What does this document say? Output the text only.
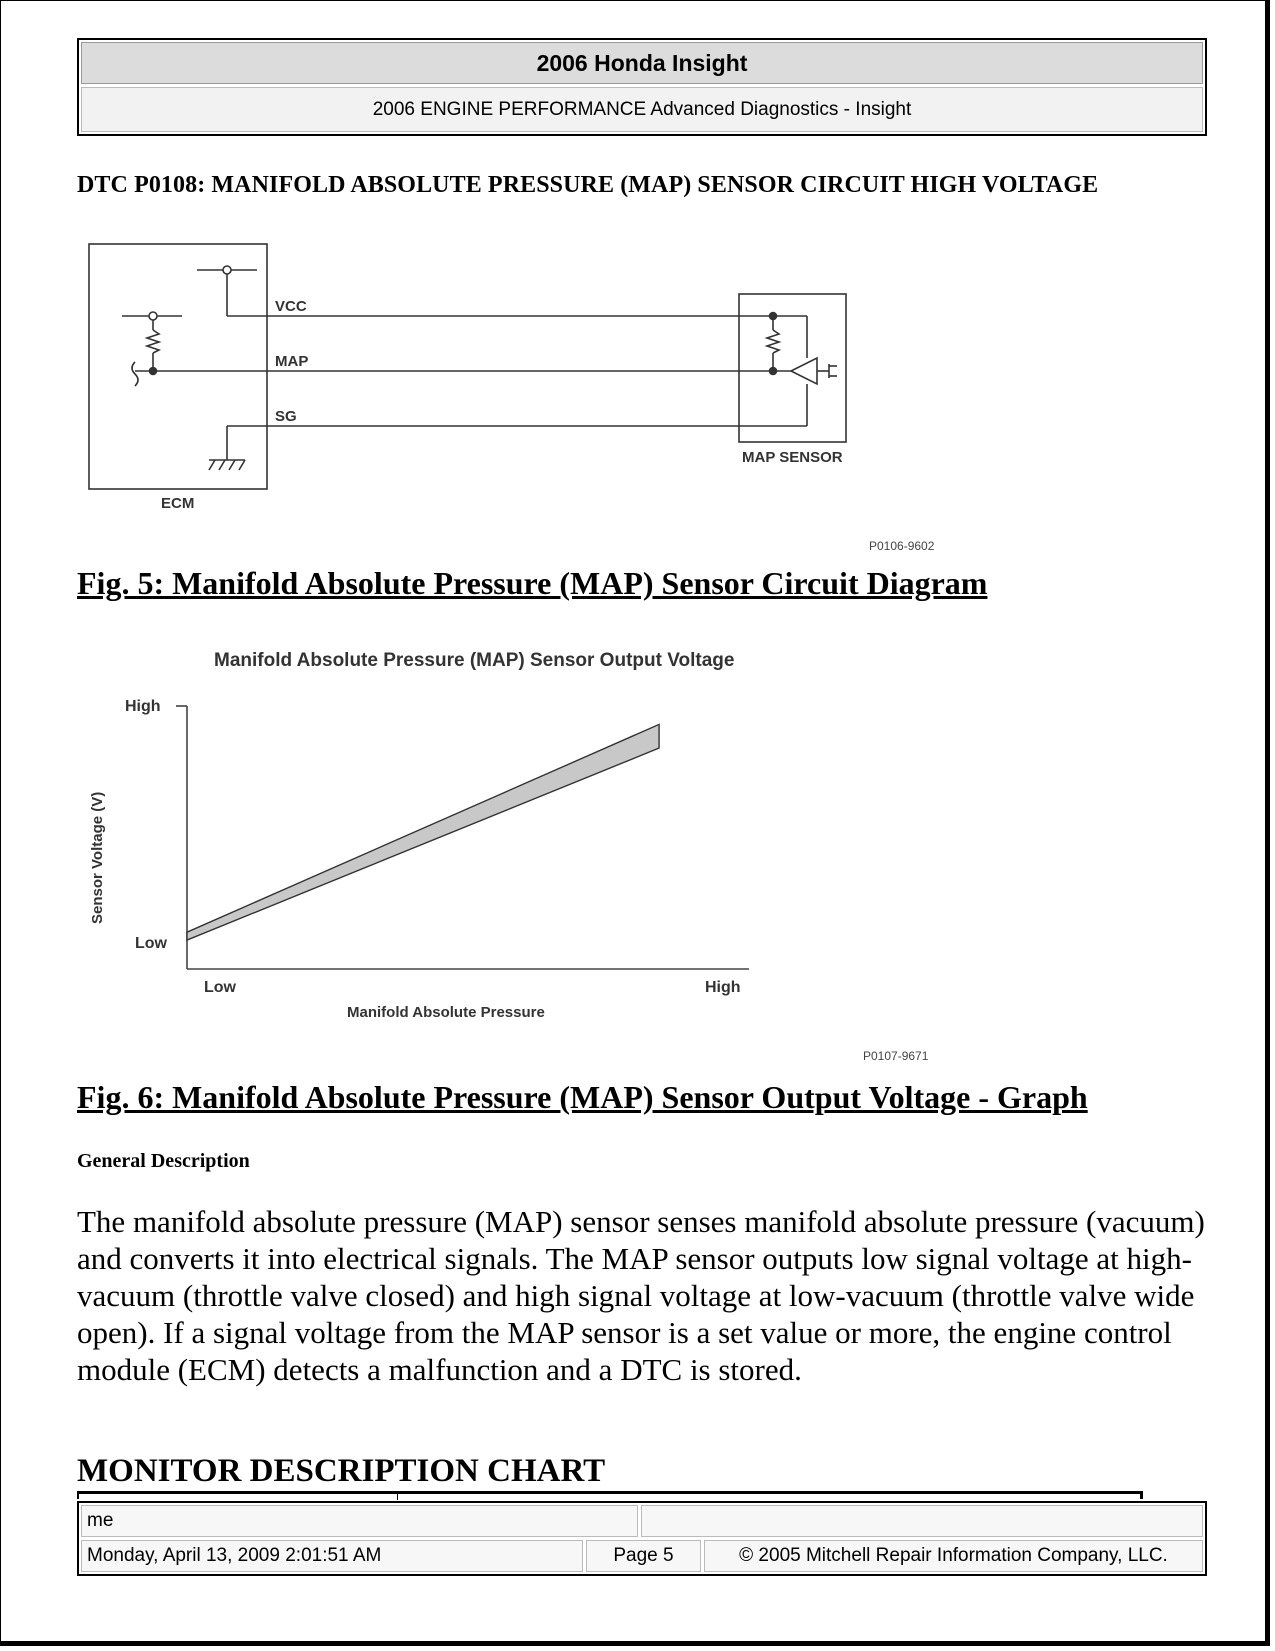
2006 Honda Insight
2006 ENGINE PERFORMANCE Advanced Diagnostics - Insight
DTC P0108: MANIFOLD ABSOLUTE PRESSURE (MAP) SENSOR CIRCUIT HIGH VOLTAGE
VCC
MAP
SG
ECM
MAP SENSOR
P0106-9602
Fig. 5: Manifold Absolute Pressure (MAP) Sensor Circuit Diagram
Manifold Absolute Pressure (MAP) Sensor Output Voltage
High
Low
Low	High
Manifold Absolute Pressure
Sensor Voltage (V)
P0107-9671
Fig. 6: Manifold Absolute Pressure (MAP) Sensor Output Voltage - Graph
General Description
The manifold absolute pressure (MAP) sensor senses manifold absolute pressure (vacuum) and converts it into electrical signals. The MAP sensor outputs low signal voltage at high-vacuum (throttle valve closed) and high signal voltage at low-vacuum (throttle valve wide open). If a signal voltage from the MAP sensor is a set value or more, the engine control module (ECM) detects a malfunction and a DTC is stored.
MONITOR DESCRIPTION CHART
me
Monday, April 13, 2009 2:01:51 AM	Page 5	© 2005 Mitchell Repair Information Company, LLC.
